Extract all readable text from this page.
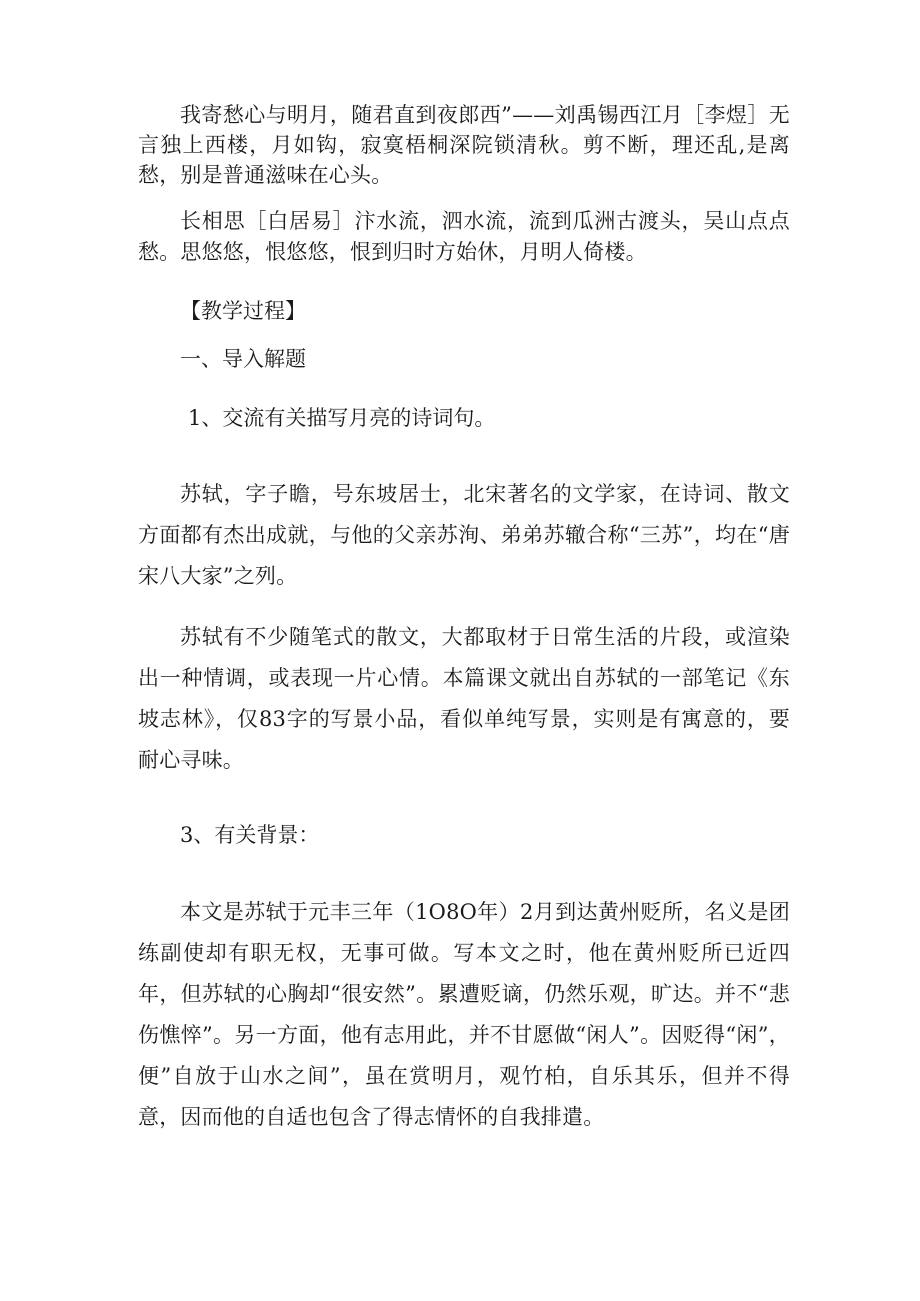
我寄愁心与明月，随君直到夜郎西”——刘禹锡西江月［李煜］无言独上西楼，月如钩，寂寞梧桐深院锁清秋。剪不断，理还乱,是离愁，别是普通滋味在心头。

长相思［白居易］汴水流，泗水流，流到瓜洲古渡头，吴山点点愁。思悠悠，恨悠悠，恨到归时方始休，月明人倚楼。

【教学过程】

一、导入解题

1、交流有关描写月亮的诗词句。

苏轼，字子瞻，号东坡居士，北宋著名的文学家，在诗词、散文方面都有杰出成就，与他的父亲苏洵、弟弟苏辙合称“三苏”，均在“唐宋八大家”之列。

苏轼有不少随笔式的散文，大都取材于日常生活的片段，或渲染出一种情调，或表现一片心情。本篇课文就出自苏轼的一部笔记《东坡志林》，仅83字的写景小品，看似单纯写景，实则是有寓意的，要耐心寻味。

3、有关背景：

本文是苏轼于元丰三年（1O8O年）2月到达黄州贬所，名义是团练副使却有职无权，无事可做。写本文之时，他在黄州贬所已近四年，但苏轼的心胸却“很安然”。累遭贬谪，仍然乐观，旷达。并不“悲伤憔悴”。另一方面，他有志用此，并不甘愿做“闲人”。因贬得“闲”，便”自放于山水之间”，虽在赏明月，观竹柏，自乐其乐，但并不得意，因而他的自适也包含了得志情怀的自我排遣。
